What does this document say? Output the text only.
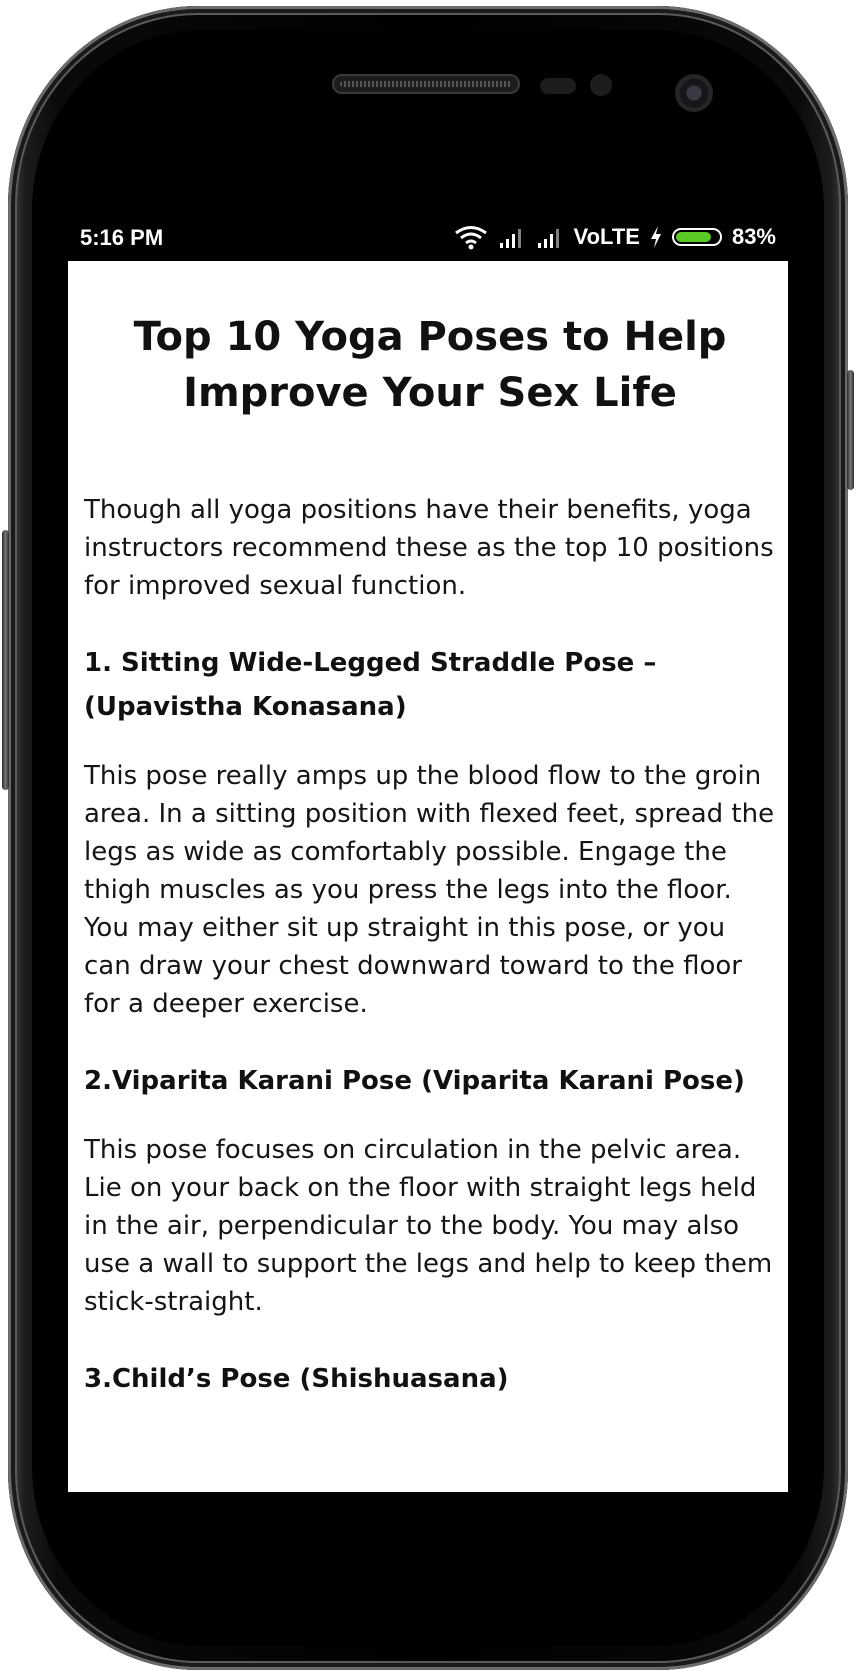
5:16 PM	VoLTE	83%
Top 10 Yoga Poses to Help Improve Your Sex Life

Though all yoga positions have their benefits, yoga instructors recommend these as the top 10 positions for improved sexual function.

1. Sitting Wide-Legged Straddle Pose – (Upavistha Konasana)

This pose really amps up the blood flow to the groin area. In a sitting position with flexed feet, spread the legs as wide as comfortably possible. Engage the thigh muscles as you press the legs into the floor. You may either sit up straight in this pose, or you can draw your chest downward toward to the floor for a deeper exercise.

2.Viparita Karani Pose (Viparita Karani Pose)

This pose focuses on circulation in the pelvic area. Lie on your back on the floor with straight legs held in the air, perpendicular to the body. You may also use a wall to support the legs and help to keep them stick-straight.

3.Child’s Pose (Shishuasana)
